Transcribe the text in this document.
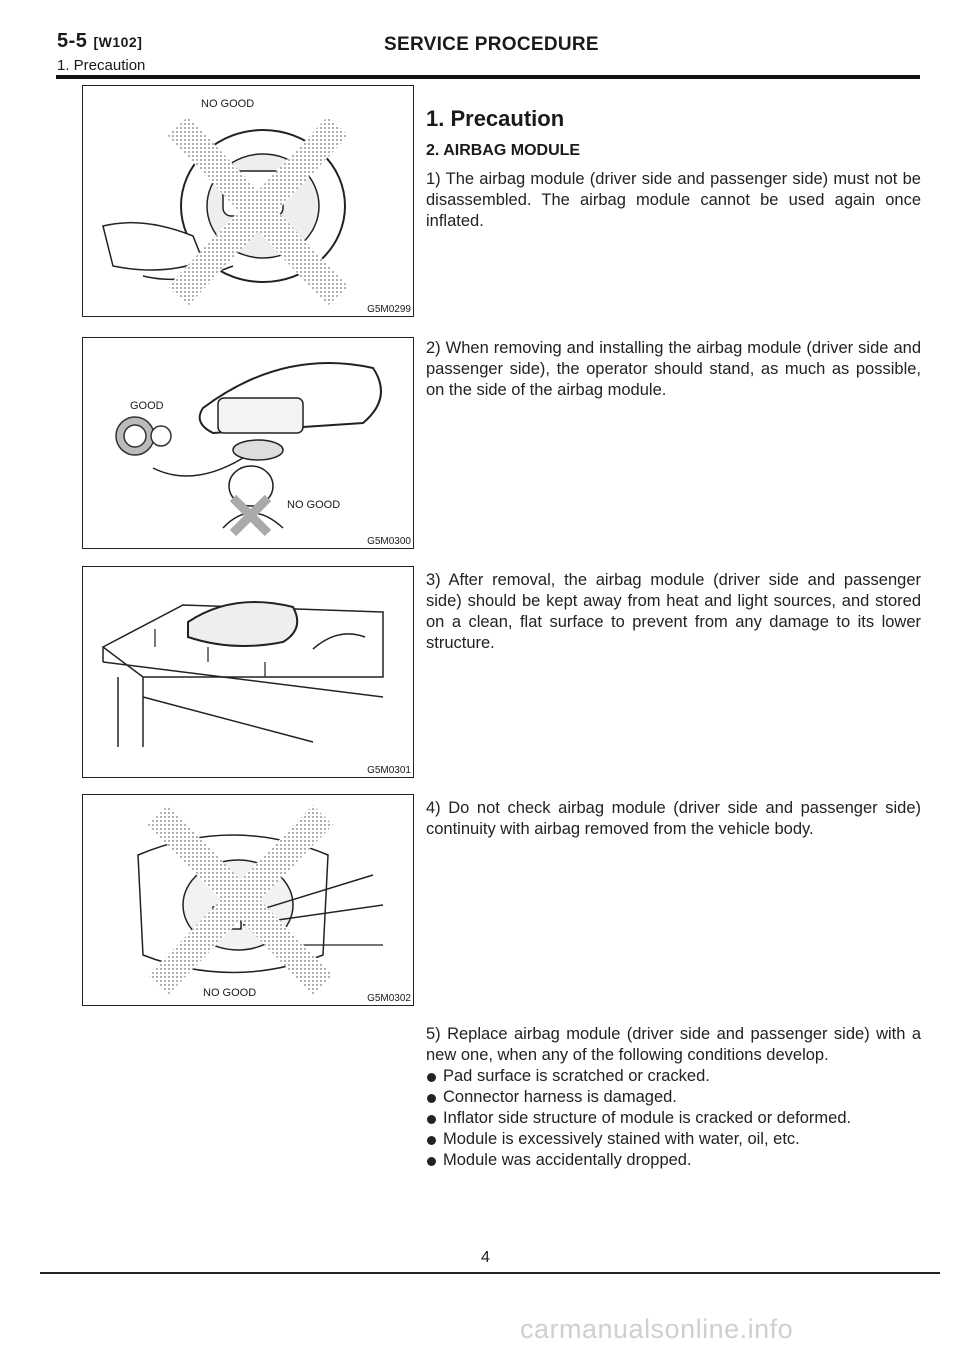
5-5 [W102]
1. Precaution
SERVICE PROCEDURE
NO GOOD
G5M0299
GOOD
NO GOOD
G5M0300
G5M0301
NO GOOD	G5M0302
1. Precaution
2. AIRBAG MODULE

1) The airbag module (driver side and passenger side) must not be disassembled. The airbag module cannot be used again once inflated.

2) When removing and installing the airbag module (driver side and passenger side), the operator should stand, as much as possible, on the side of the airbag module.

3) After removal, the airbag module (driver side and passenger side) should be kept away from heat and light sources, and stored on a clean, flat surface to prevent from any damage to its lower structure.

4) Do not check airbag module (driver side and passenger side) continuity with airbag removed from the vehicle body.

5) Replace airbag module (driver side and passenger side) with a new one, when any of the following conditions develop.

Pad surface is scratched or cracked.
Connector harness is damaged.
Inflator side structure of module is cracked or deformed.
Module is excessively stained with water, oil, etc.
Module was accidentally dropped.
4
carmanualsonline.info
